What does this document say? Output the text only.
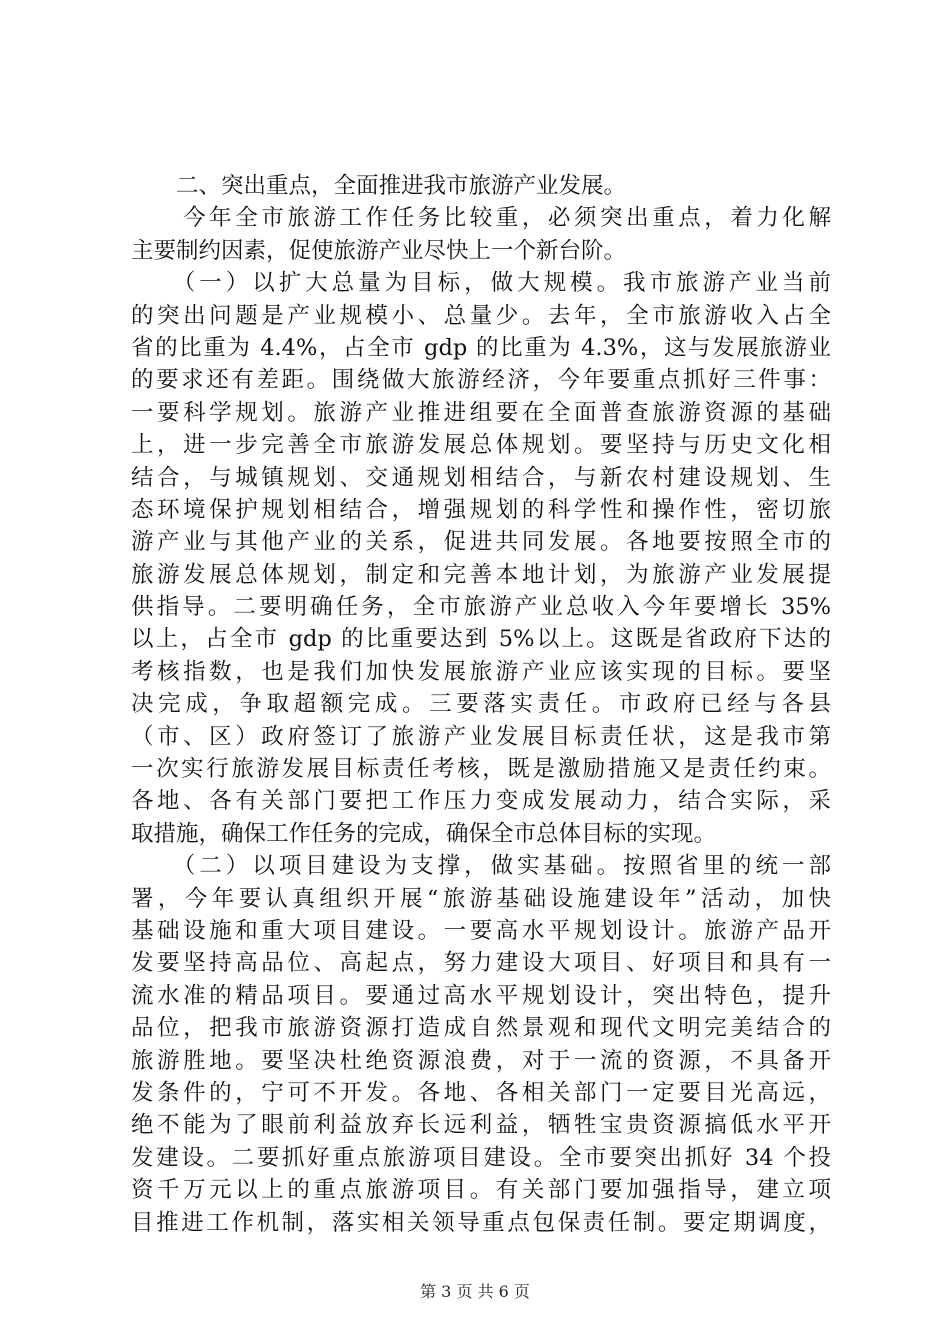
　　二、突出重点，全面推进我市旅游产业发展。
　　今年全市旅游工作任务比较重，必须突出重点，着力化解
主要制约因素，促使旅游产业尽快上一个新台阶。
　　（一）以扩大总量为目标，做大规模。我市旅游产业当前
的突出问题是产业规模小、总量少。去年，全市旅游收入占全
省的比重为 4.4%，占全市 gdp 的比重为 4.3%，这与发展旅游业
的要求还有差距。围绕做大旅游经济，今年要重点抓好三件事：
一要科学规划。旅游产业推进组要在全面普查旅游资源的基础
上，进一步完善全市旅游发展总体规划。要坚持与历史文化相
结合，与城镇规划、交通规划相结合，与新农村建设规划、生
态环境保护规划相结合，增强规划的科学性和操作性，密切旅
游产业与其他产业的关系，促进共同发展。各地要按照全市的
旅游发展总体规划，制定和完善本地计划，为旅游产业发展提
供指导。二要明确任务，全市旅游产业总收入今年要增长 35%
以上，占全市 gdp 的比重要达到 5%以上。这既是省政府下达的
考核指数，也是我们加快发展旅游产业应该实现的目标。要坚
决完成，争取超额完成。三要落实责任。市政府已经与各县
（市、区）政府签订了旅游产业发展目标责任状，这是我市第
一次实行旅游发展目标责任考核，既是激励措施又是责任约束。
各地、各有关部门要把工作压力变成发展动力，结合实际，采
取措施，确保工作任务的完成，确保全市总体目标的实现。
　　（二）以项目建设为支撑，做实基础。按照省里的统一部
署，今年要认真组织开展“旅游基础设施建设年”活动，加快
基础设施和重大项目建设。一要高水平规划设计。旅游产品开
发要坚持高品位、高起点，努力建设大项目、好项目和具有一
流水准的精品项目。要通过高水平规划设计，突出特色，提升
品位，把我市旅游资源打造成自然景观和现代文明完美结合的
旅游胜地。要坚决杜绝资源浪费，对于一流的资源，不具备开
发条件的，宁可不开发。各地、各相关部门一定要目光高远，
绝不能为了眼前利益放弃长远利益，牺牲宝贵资源搞低水平开
发建设。二要抓好重点旅游项目建设。全市要突出抓好 34 个投
资千万元以上的重点旅游项目。有关部门要加强指导，建立项
目推进工作机制，落实相关领导重点包保责任制。要定期调度，
第 3 页 共 6 页
